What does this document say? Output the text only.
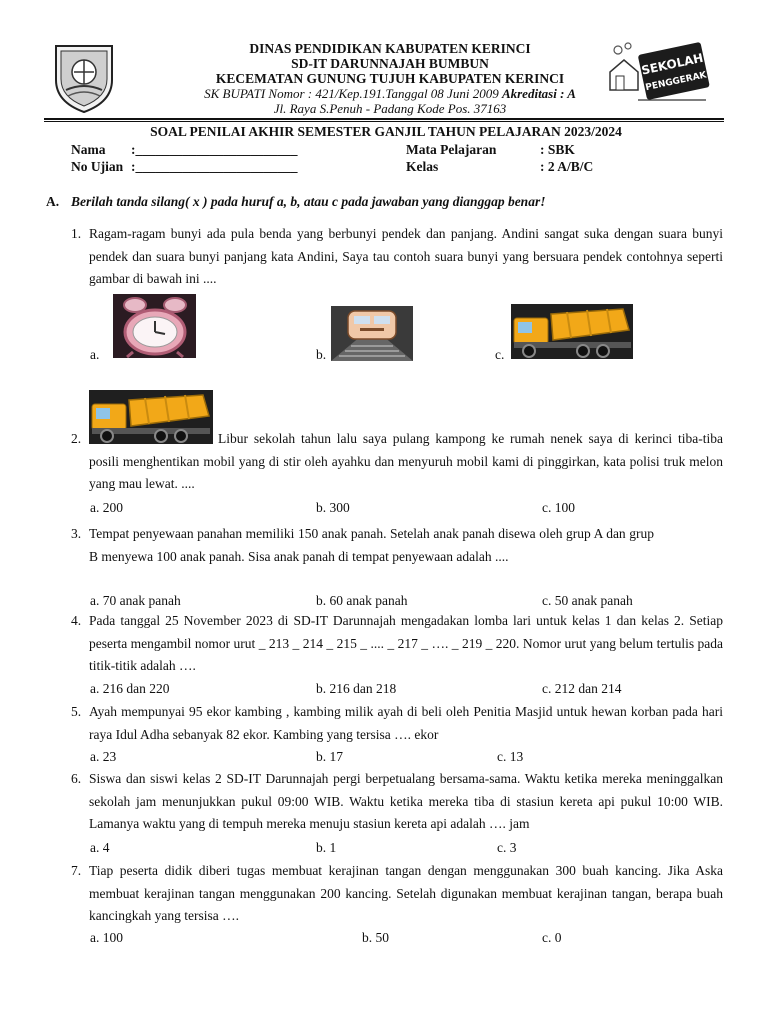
DINAS PENDIDIKAN KABUPATEN KERINCI
SD-IT DARUNNAJAH BUMBUN
KECEMATAN GUNUNG TUJUH KABUPATEN KERINCI
SK BUPATI Nomor : 421/Kep.191.Tanggal 08 Juni 2009 Akreditasi : A
Jl. Raya S.Penuh - Padang Kode Pos. 37163
SEKOLAH
PENGGERAK
SOAL PENILAI AKHIR SEMESTER GANJIL TAHUN PELAJARAN 2023/2024
Nama :________________________
No Ujian :________________________
Mata Pelajaran	: SBK
Kelas	: 2 A/B/C
A. Berilah tanda silang( x ) pada huruf a, b, atau c pada jawaban yang dianggap benar!
1. Ragam-ragam bunyi ada pula benda yang berbunyi pendek dan panjang. Andini sangat suka dengan suara bunyi pendek dan suara bunyi panjang kata Andini, Saya tau contoh suara bunyi yang bersuara pendek contohnya seperti gambar di bawah ini ....
a.	b.	c.
2.	Libur sekolah tahun lalu saya pulang kampong ke rumah nenek saya di kerinci tiba-tiba posili menghentikan mobil yang di stir oleh ayahku dan menyuruh mobil kami di pinggirkan, kata polisi truk melon yang mau lewat. ....
a. 200	b. 300	c. 100
3. Tempat penyewaan panahan memiliki 150 anak panah. Setelah anak panah disewa oleh grup A dan grup B menyewa 100 anak panah. Sisa anak panah di tempat penyewaan adalah ....
a. 70 anak panah	b. 60 anak panah	c. 50 anak panah
4. Pada tanggal 25 November 2023 di SD-IT Darunnajah mengadakan lomba lari untuk kelas 1 dan kelas 2. Setiap peserta mengambil nomor urut _ 213 _ 214 _ 215 _ .... _ 217 _ …. _ 219 _ 220. Nomor urut yang belum tertulis pada titik-titik adalah ….
a. 216 dan 220	b. 216 dan 218	c. 212 dan 214
5. Ayah mempunyai 95 ekor kambing , kambing milik ayah di beli oleh Penitia Masjid untuk hewan korban pada hari raya Idul Adha sebanyak 82 ekor. Kambing yang tersisa …. ekor
a. 23	b. 17	c. 13
6. Siswa dan siswi kelas 2 SD-IT Darunnajah pergi berpetualang bersama-sama. Waktu ketika mereka meninggalkan sekolah jam menunjukkan pukul 09:00 WIB. Waktu ketika mereka tiba di stasiun kereta api pukul 10:00 WIB. Lamanya waktu yang di tempuh mereka menuju stasiun kereta api adalah …. jam
a. 4	b. 1	c. 3
7. Tiap peserta didik diberi tugas membuat kerajinan tangan dengan menggunakan 300 buah kancing. Jika Aska membuat kerajinan tangan menggunakan 200 kancing. Setelah digunakan membuat kerajinan tangan, berapa buah kancingkah yang tersisa ….
a. 100	b. 50	c. 0
